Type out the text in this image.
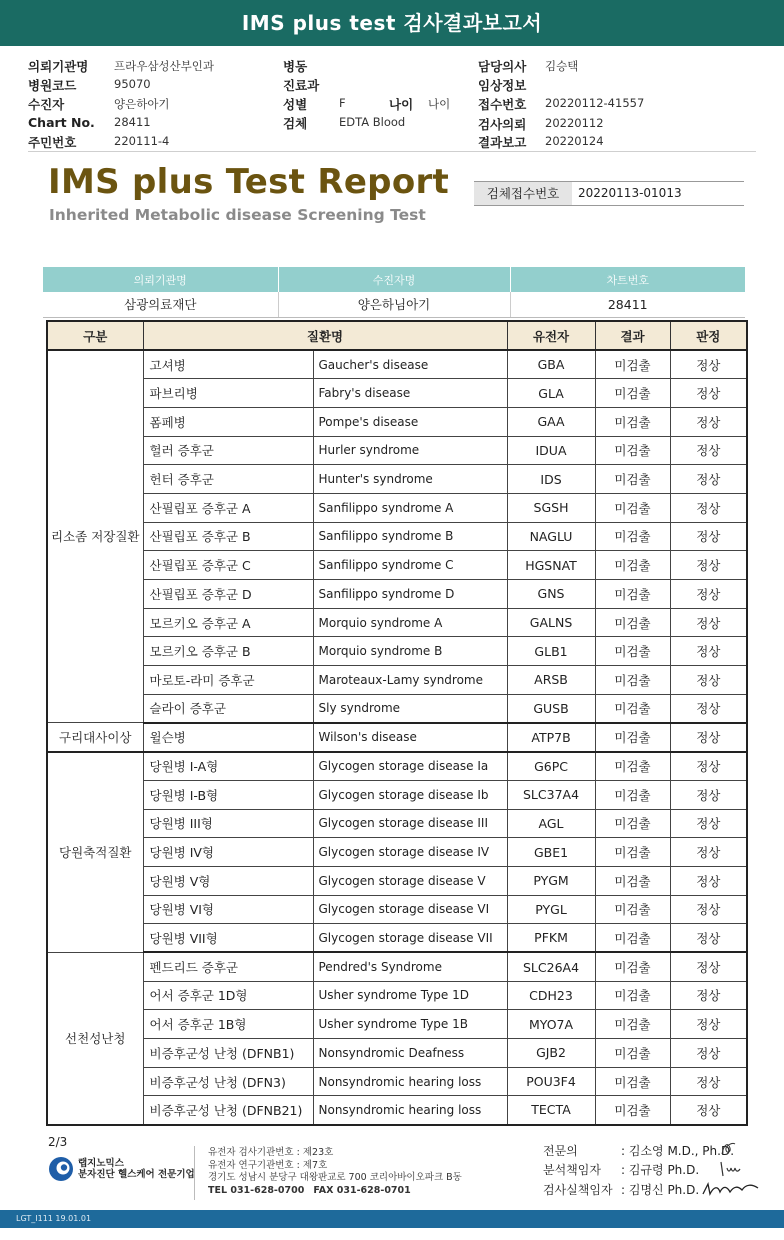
IMS plus test 검사결과보고서
의뢰기관명 프라우삼성산부인과
병원코드	95070
수진자	양은하아기
Chart No. 28411
주민번호	220111-4
병동
진료과
성별	F
검체	EDTA Blood
나이 나이
담당의사 김승택
임상정보
접수번호 20220112-41557
검사의뢰 20220112
결과보고 20220124
IMS plus Test Report
Inherited Metabolic disease Screening Test
검체접수번호	20220113-01013
의뢰기관명	수진자명	차트번호
삼광의료재단	양은하님아기	28411
구분	질환명		유전자	결과	판정
리소좀 저장질환	고셔병	Gaucher's disease	GBA	미검출	정상
	파브리병	Fabry's disease	GLA	미검출	정상
	폼페병	Pompe's disease	GAA	미검출	정상
	헐러 증후군	Hurler syndrome	IDUA	미검출	정상
	헌터 증후군	Hunter's syndrome	IDS	미검출	정상
	산필립포 증후군 A	Sanfilippo syndrome A	SGSH	미검출	정상
	산필립포 증후군 B	Sanfilippo syndrome B	NAGLU	미검출	정상
	산필립포 증후군 C	Sanfilippo syndrome C	HGSNAT	미검출	정상
	산필립포 증후군 D	Sanfilippo syndrome D	GNS	미검출	정상
	모르키오 증후군 A	Morquio syndrome A	GALNS	미검출	정상
	모르키오 증후군 B	Morquio syndrome B	GLB1	미검출	정상
	마로토-라미 증후군	Maroteaux-Lamy syndrome	ARSB	미검출	정상
	슬라이 증후군	Sly syndrome	GUSB	미검출	정상
구리대사이상	윌슨병	Wilson's disease	ATP7B	미검출	정상
당원축적질환	당원병 I-A형	Glycogen storage disease Ia	G6PC	미검출	정상
	당원병 I-B형	Glycogen storage disease Ib	SLC37A4	미검출	정상
	당원병 III형	Glycogen storage disease III	AGL	미검출	정상
	당원병 IV형	Glycogen storage disease IV	GBE1	미검출	정상
	당원병 V형	Glycogen storage disease V	PYGM	미검출	정상
	당원병 VI형	Glycogen storage disease VI	PYGL	미검출	정상
	당원병 VII형	Glycogen storage disease VII	PFKM	미검출	정상
선천성난청	펜드리드 증후군	Pendred's Syndrome	SLC26A4	미검출	정상
	어서 증후군 1D형	Usher syndrome Type 1D	CDH23	미검출	정상
	어서 증후군 1B형	Usher syndrome Type 1B	MYO7A	미검출	정상
	비증후군성 난청 (DFNB1)	Nonsyndromic Deafness	GJB2	미검출	정상
	비증후군성 난청 (DFN3)	Nonsyndromic hearing loss	POU3F4	미검출	정상
	비증후군성 난청 (DFNB21)	Nonsyndromic hearing loss	TECTA	미검출	정상
2/3
랩지노믹스
분자진단 헬스케어 전문기업
유전자 검사기관번호 : 제23호
유전자 연구기관번호 : 제7호
경기도 성남시 분당구 대왕판교로 700 코리아바이오파크 B동
TEL 031-628-0700 FAX 031-628-0701
전문의	: 김소영 M.D., Ph.D.
분석책임자 : 김규령 Ph.D.
검사실책임자 : 김명신 Ph.D.
LGT_I111 19.01.01
